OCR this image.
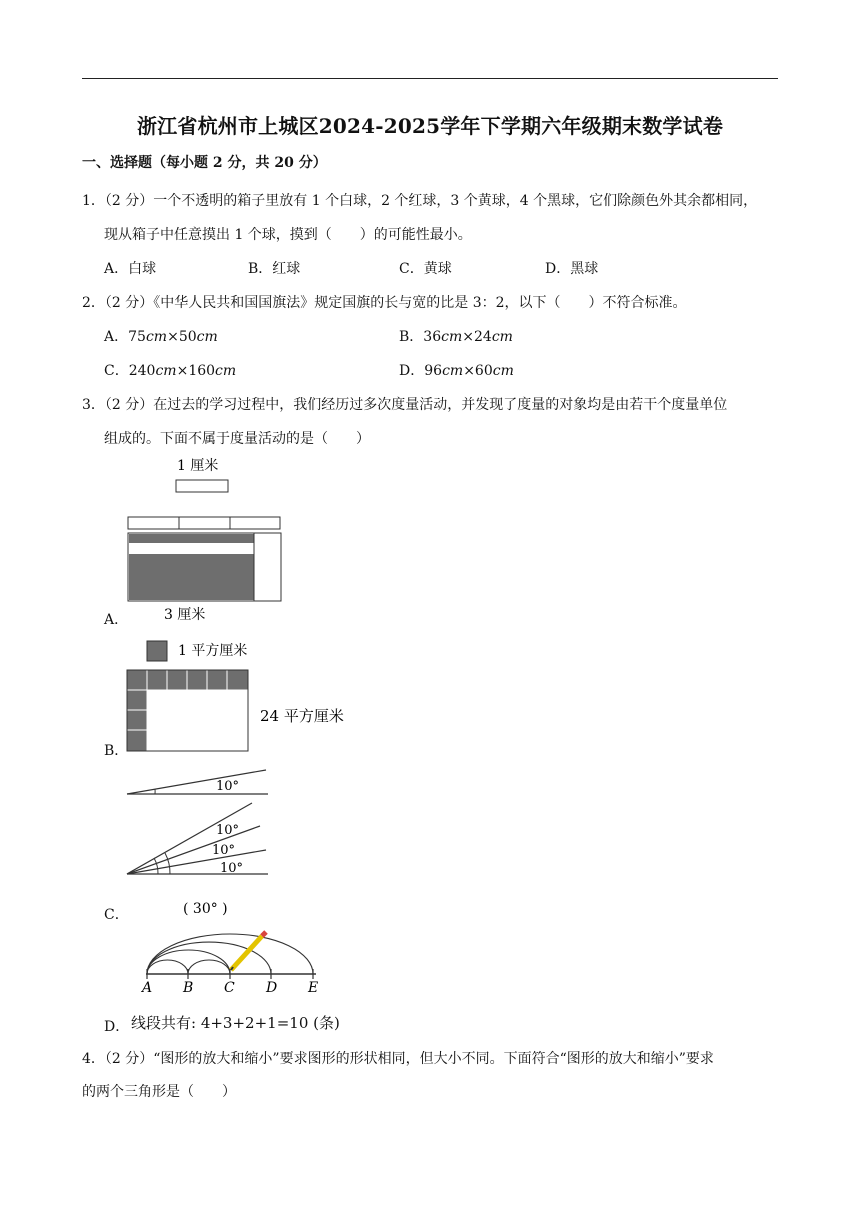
浙江省杭州市上城区2024-2025学年下学期六年级期末数学试卷
一、选择题（每小题 2 分，共 20 分）
1．（2 分）一个不透明的箱子里放有 1 个白球，2 个红球，3 个黄球，4 个黑球，它们除颜色外其余都相同，
现从箱子中任意摸出 1 个球，摸到（　　）的可能性最小。
A．白球	B．红球	C．黄球	D．黑球
2．（2 分）《中华人民共和国国旗法》规定国旗的长与宽的比是 3：2，以下（　　）不符合标准。
A．75cm×50cm	B．36cm×24cm
C．240cm×160cm	D．96cm×60cm
3．（2 分）在过去的学习过程中，我们经历过多次度量活动，并发现了度量的对象均是由若干个度量单位
组成的。下面不属于度量活动的是（　　）
1 厘米
3 厘米
A．
1 平方厘米
24 平方厘米
B．
10°
10°
10°
10°
( 30° )
C．
A B C D E
D． 线段共有: 4+3+2+1=10 (条)
4．（2 分）“图形的放大和缩小”要求图形的形状相同，但大小不同。下面符合“图形的放大和缩小”要求
的两个三角形是（　　）
